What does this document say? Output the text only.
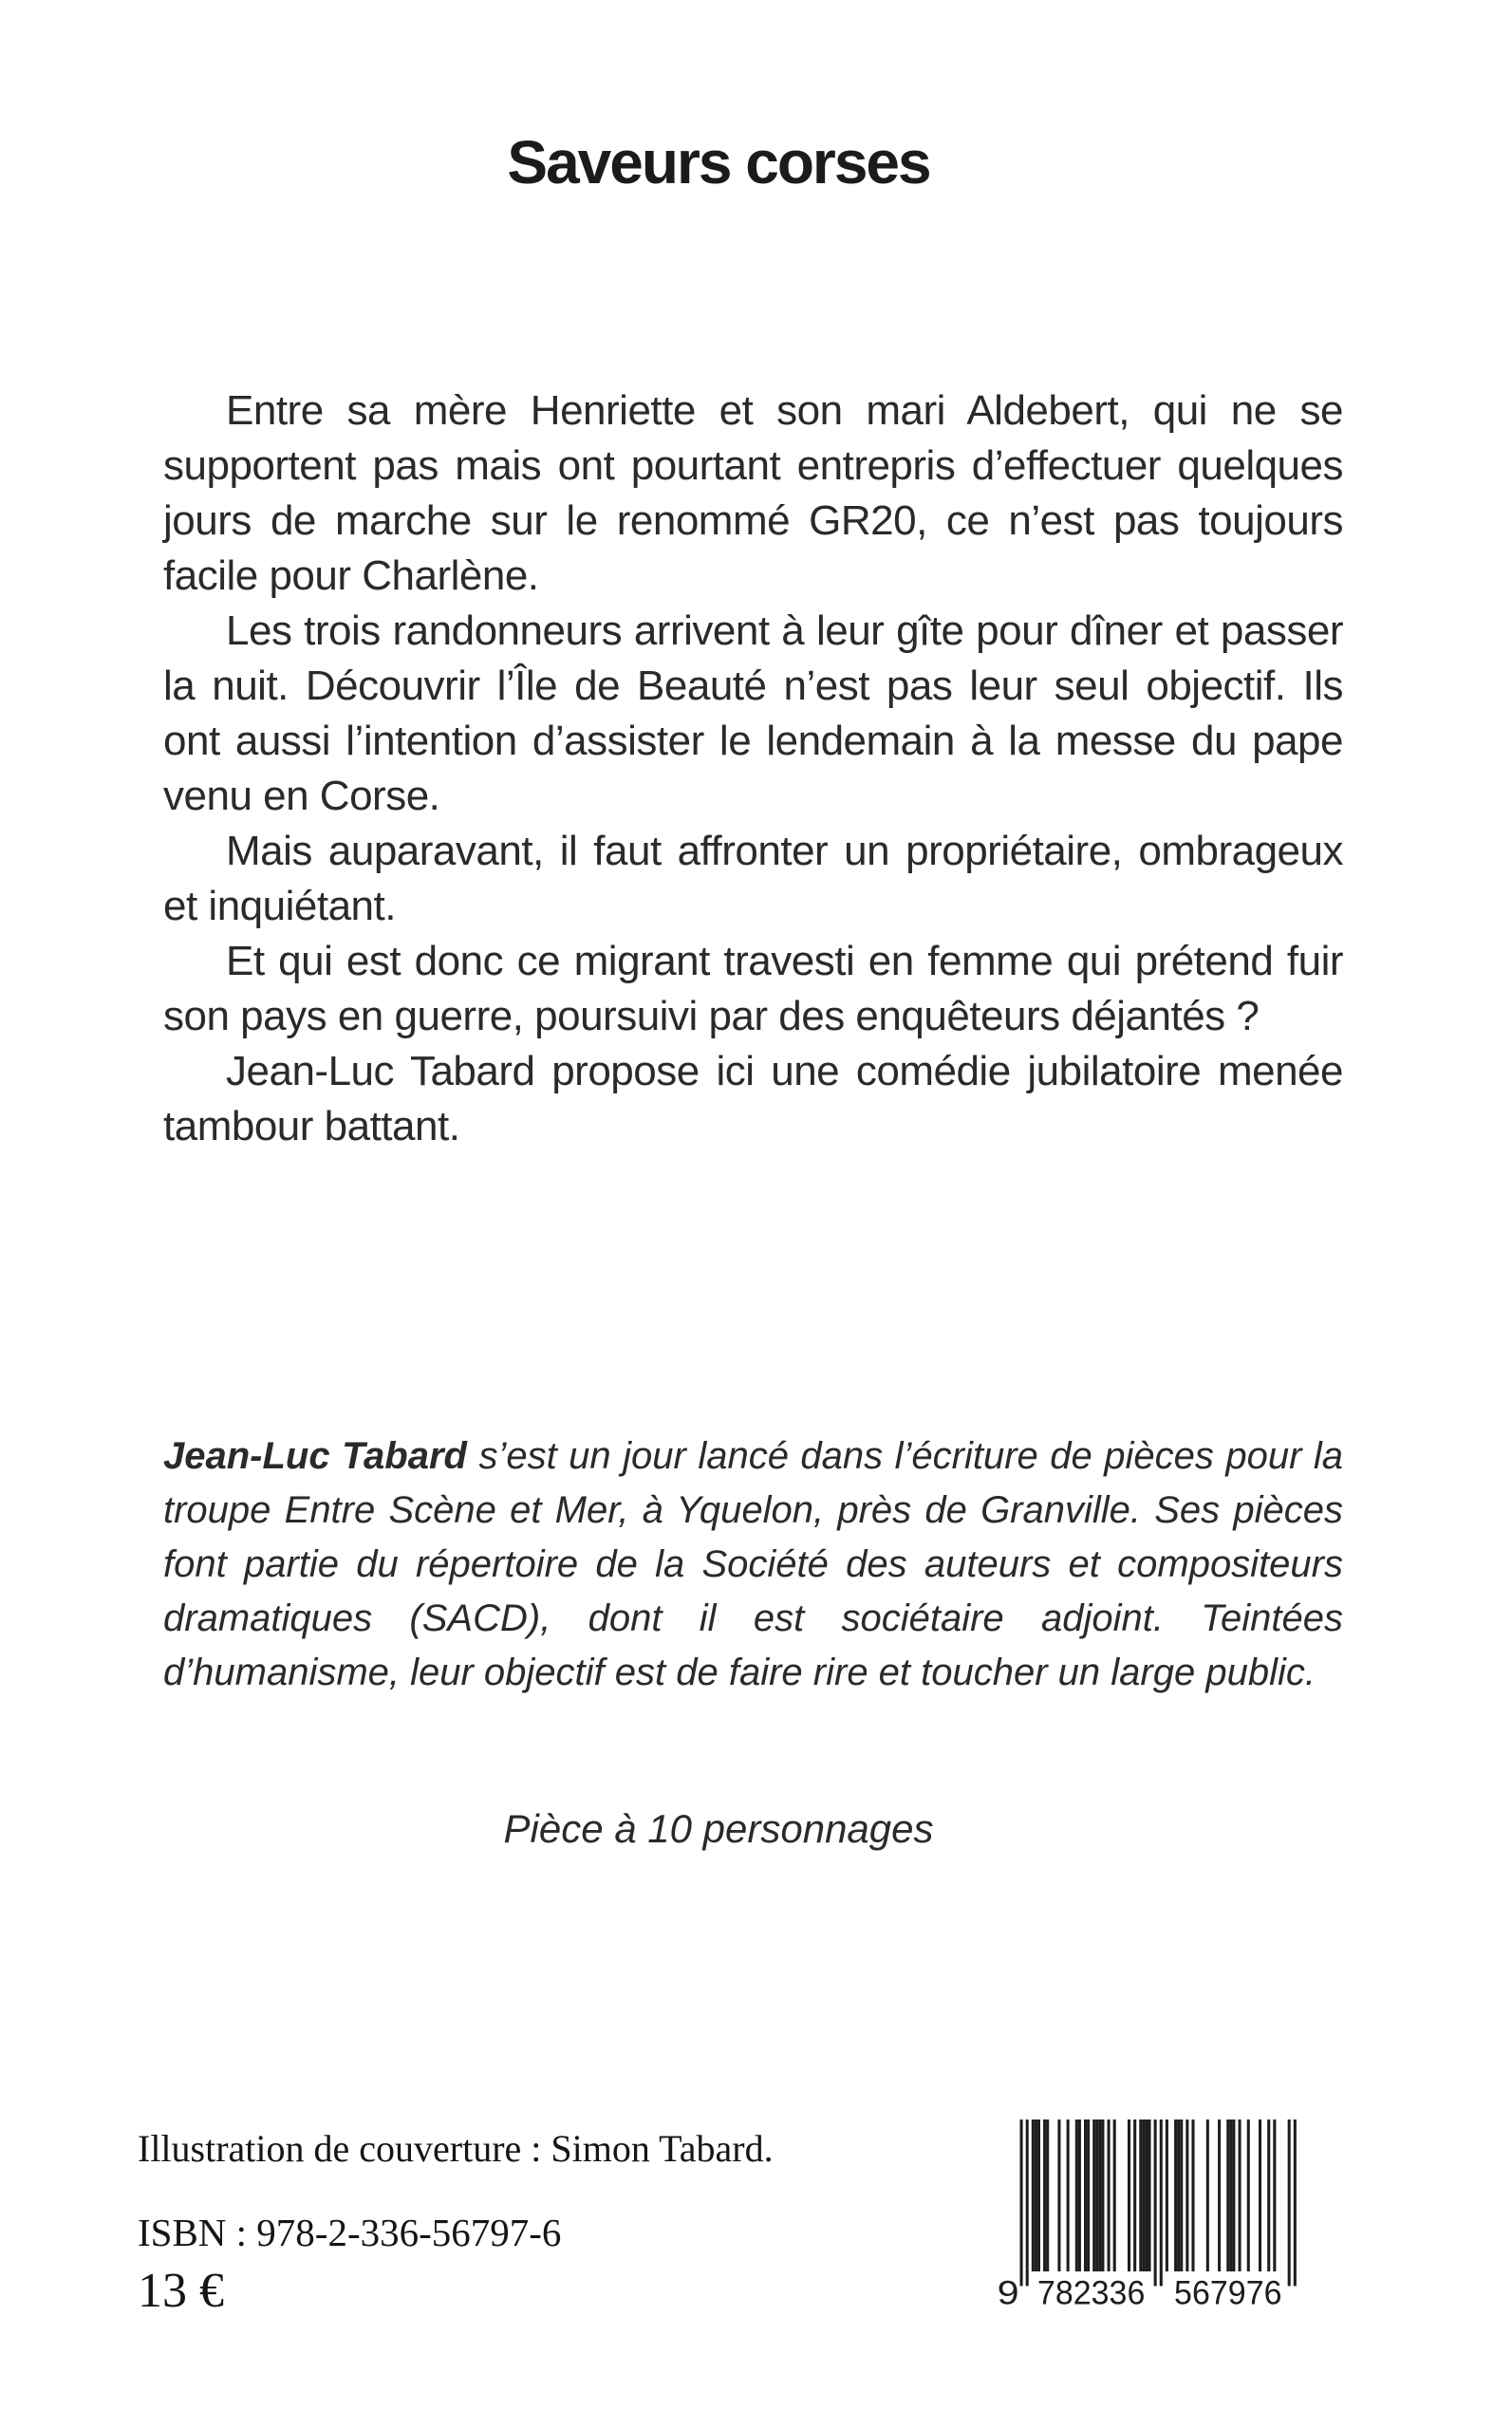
Saveurs corses

Entre sa mère Henriette et son mari Aldebert, qui ne se supportent pas mais ont pourtant entrepris d’effectuer quelques jours de marche sur le renommé GR20, ce n’est pas toujours facile pour Charlène.

Les trois randonneurs arrivent à leur gîte pour dîner et passer la nuit. Découvrir l’Île de Beauté n’est pas leur seul objectif. Ils ont aussi l’intention d’assister le lendemain à la messe du pape venu en Corse.

Mais auparavant, il faut affronter un propriétaire, ombrageux et inquiétant.

Et qui est donc ce migrant travesti en femme qui prétend fuir son pays en guerre, poursuivi par des enquêteurs déjantés ?

Jean-Luc Tabard propose ici une comédie jubilatoire menée tambour battant.

Jean-Luc Tabard s’est un jour lancé dans l’écriture de pièces pour la troupe Entre Scène et Mer, à Yquelon, près de Granville. Ses pièces font partie du répertoire de la Société des auteurs et compositeurs dramatiques (SACD), dont il est sociétaire adjoint. Teintées d’humanisme, leur objectif est de faire rire et toucher un large public.

Pièce à 10 personnages

Illustration de couverture : Simon Tabard.

ISBN : 978-2-336-56797-6

13 €	9 782336	567976
